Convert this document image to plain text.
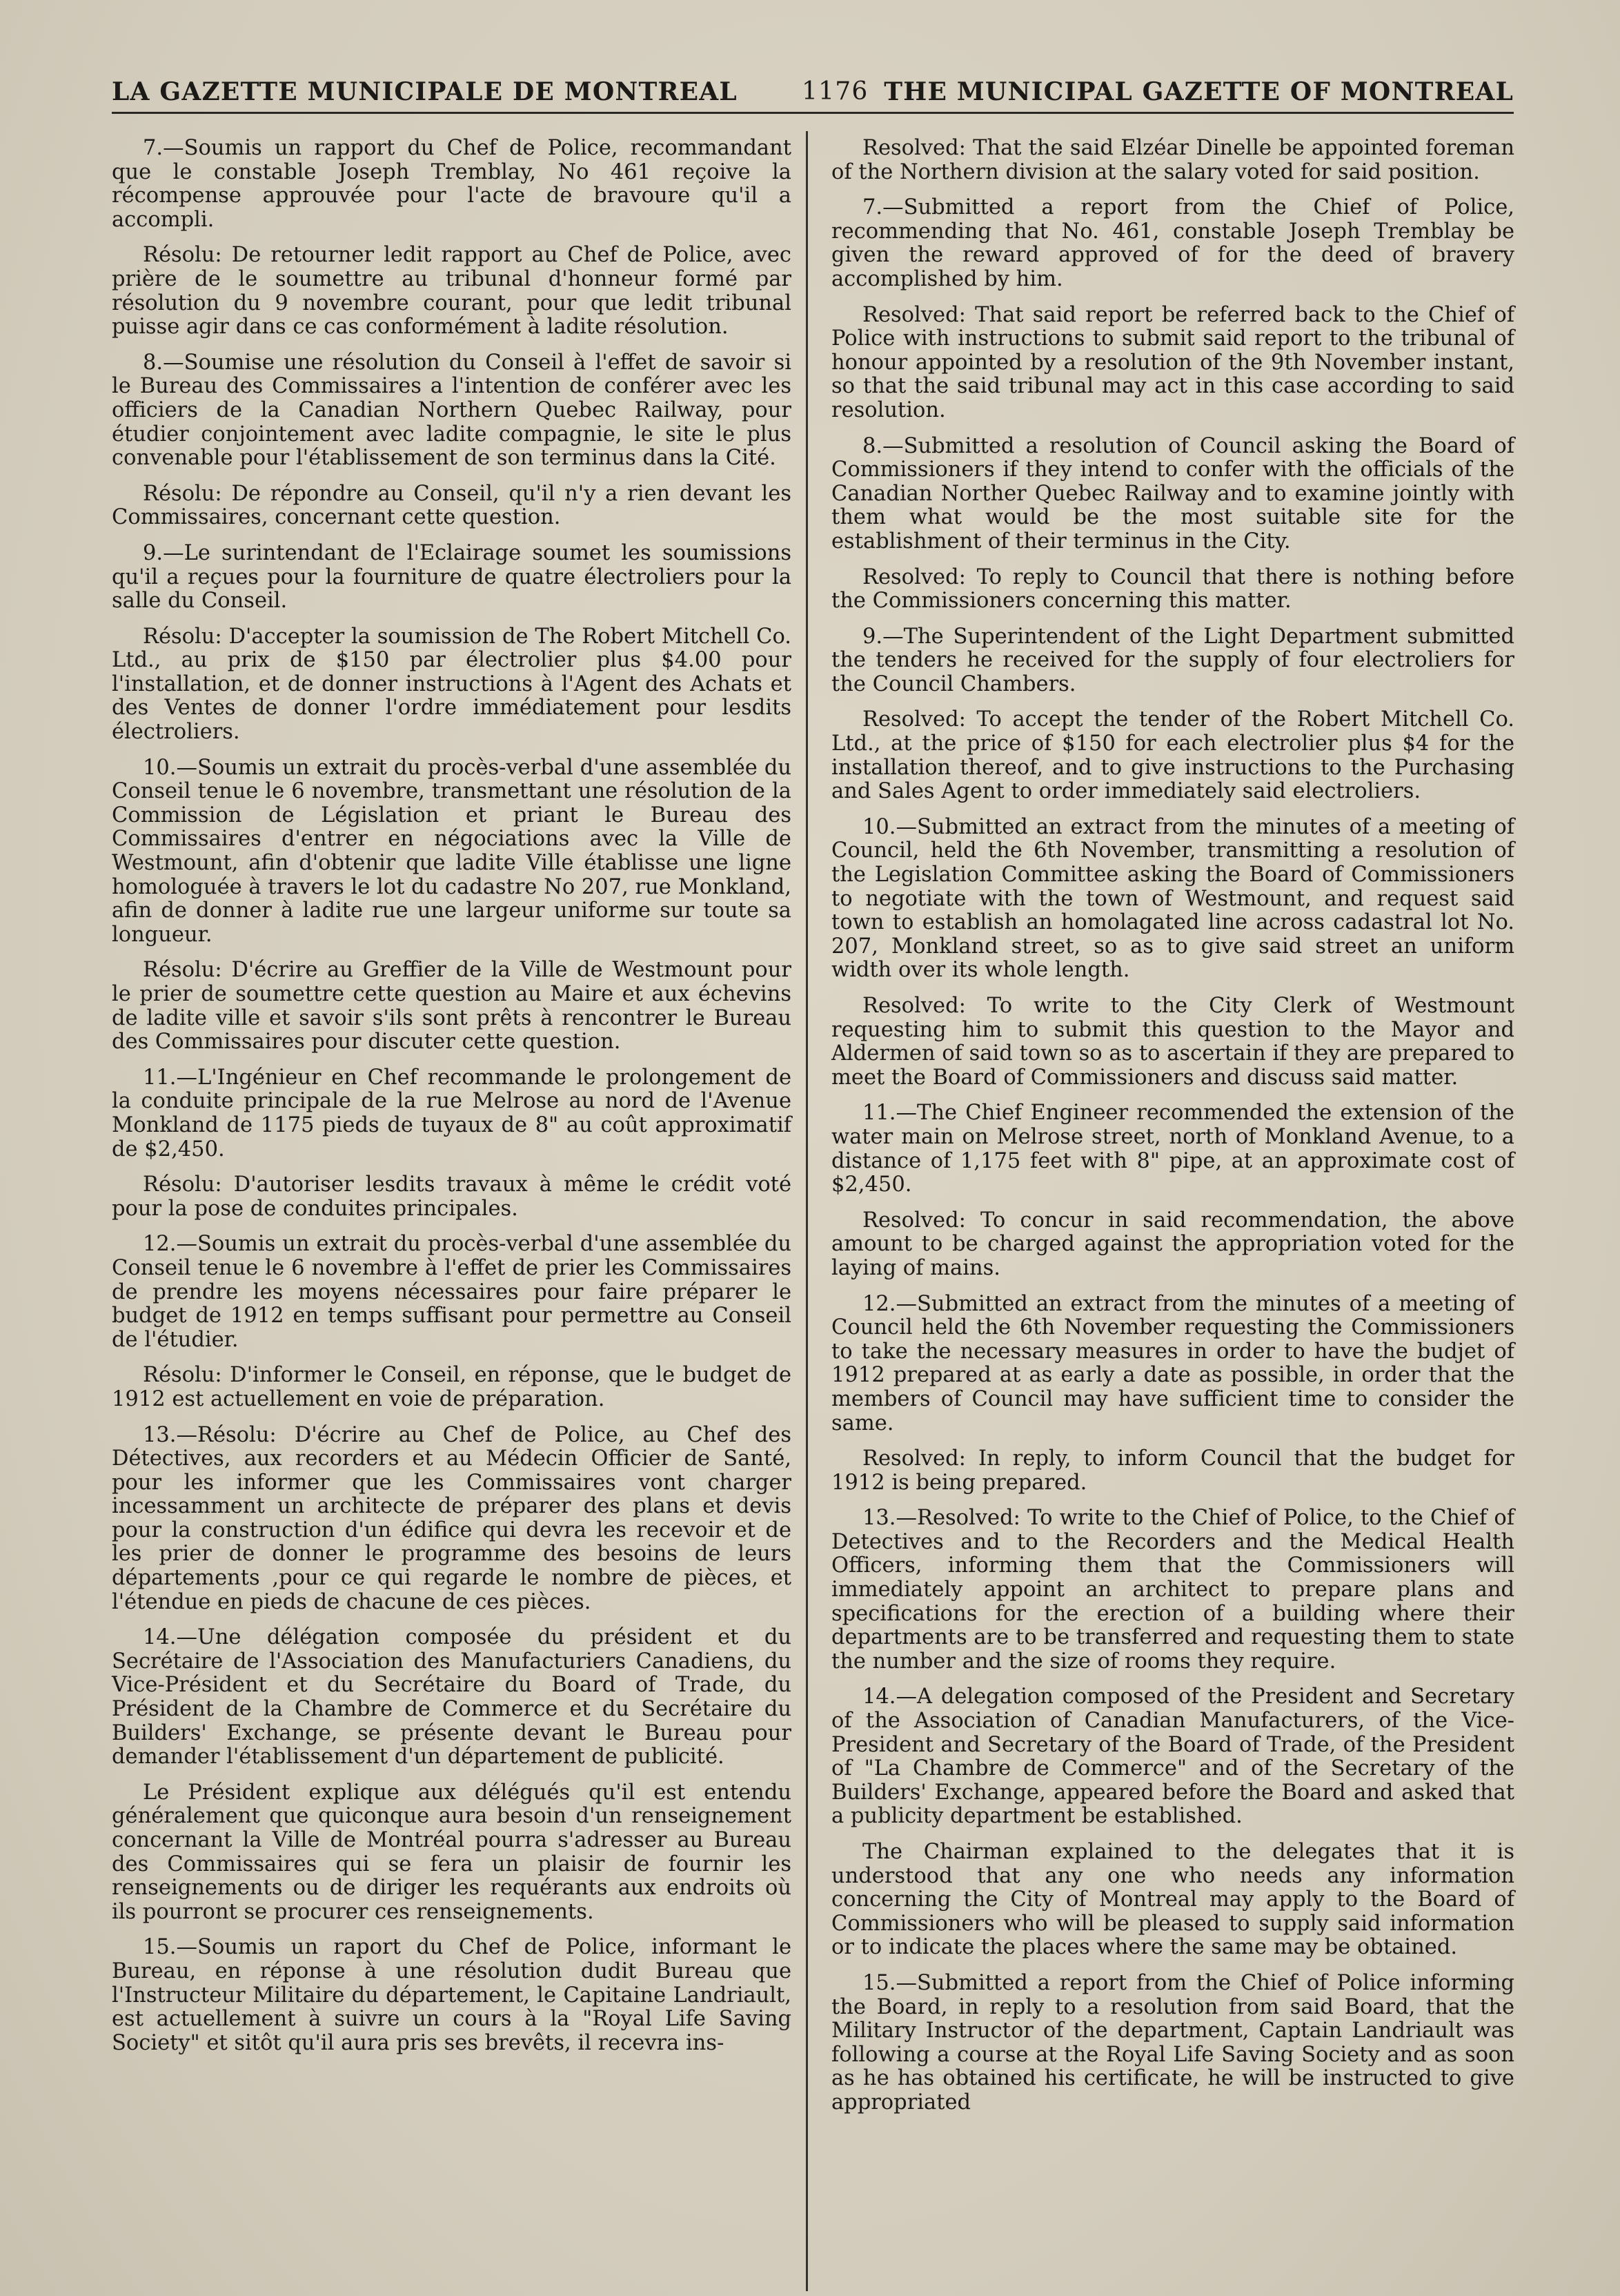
LA GAZETTE MUNICIPALE DE MONTREAL	1176 THE MUNICIPAL GAZETTE OF MONTREAL

7.—Soumis un rapport du Chef de Police, recommandant que le constable Joseph Tremblay, No 461 reçoive la récompense approuvée pour l'acte de bravoure qu'il a accompli.

Résolu: De retourner ledit rapport au Chef de Police, avec prière de le soumettre au tribunal d'honneur formé par résolution du 9 novembre courant, pour que ledit tribunal puisse agir dans ce cas conformément à ladite résolution.

8.—Soumise une résolution du Conseil à l'effet de savoir si le Bureau des Commissaires a l'intention de conférer avec les officiers de la Canadian Northern Quebec Railway, pour étudier conjointement avec ladite compagnie, le site le plus convenable pour l'établissement de son terminus dans la Cité.

Résolu: De répondre au Conseil, qu'il n'y a rien devant les Commissaires, concernant cette question.

9.—Le surintendant de l'Eclairage soumet les soumissions qu'il a reçues pour la fourniture de quatre électroliers pour la salle du Conseil.

Résolu: D'accepter la soumission de The Robert Mitchell Co. Ltd., au prix de $150 par électrolier plus $4.00 pour l'installation, et de donner instructions à l'Agent des Achats et des Ventes de donner l'ordre immédiatement pour lesdits électroliers.

10.—Soumis un extrait du procès-verbal d'une assemblée du Conseil tenue le 6 novembre, transmettant une résolution de la Commission de Législation et priant le Bureau des Commissaires d'entrer en négociations avec la Ville de Westmount, afin d'obtenir que ladite Ville établisse une ligne homologuée à travers le lot du cadastre No 207, rue Monkland, afin de donner à ladite rue une largeur uniforme sur toute sa longueur.

Résolu: D'écrire au Greffier de la Ville de Westmount pour le prier de soumettre cette question au Maire et aux échevins de ladite ville et savoir s'ils sont prêts à rencontrer le Bureau des Commissaires pour discuter cette question.

11.—L'Ingénieur en Chef recommande le prolongement de la conduite principale de la rue Melrose au nord de l'Avenue Monkland de 1175 pieds de tuyaux de 8" au coût approximatif de $2,450.

Résolu: D'autoriser lesdits travaux à même le crédit voté pour la pose de conduites principales.

12.—Soumis un extrait du procès-verbal d'une assemblée du Conseil tenue le 6 novembre à l'effet de prier les Commissaires de prendre les moyens nécessaires pour faire préparer le budget de 1912 en temps suffisant pour permettre au Conseil de l'étudier.

Résolu: D'informer le Conseil, en réponse, que le budget de 1912 est actuellement en voie de préparation.

13.—Résolu: D'écrire au Chef de Police, au Chef des Détectives, aux recorders et au Médecin Officier de Santé, pour les informer que les Commissaires vont charger incessamment un architecte de préparer des plans et devis pour la construction d'un édifice qui devra les recevoir et de les prier de donner le programme des besoins de leurs départements ,pour ce qui regarde le nombre de pièces, et l'étendue en pieds de chacune de ces pièces.

14.—Une délégation composée du président et du Secrétaire de l'Association des Manufacturiers Canadiens, du Vice-Président et du Secrétaire du Board of Trade, du Président de la Chambre de Commerce et du Secrétaire du Builders' Exchange, se présente devant le Bureau pour demander l'établissement d'un département de publicité.

Le Président explique aux délégués qu'il est entendu généralement que quiconque aura besoin d'un renseignement concernant la Ville de Montréal pourra s'adresser au Bureau des Commissaires qui se fera un plaisir de fournir les renseignements ou de diriger les requérants aux endroits où ils pourront se procurer ces renseignements.

15.—Soumis un raport du Chef de Police, informant le Bureau, en réponse à une résolution dudit Bureau que l'Instructeur Militaire du département, le Capitaine Landriault, est actuellement à suivre un cours à la "Royal Life Saving Society" et sitôt qu'il aura pris ses brevêts, il recevra ins-

Resolved: That the said Elzéar Dinelle be appointed foreman of the Northern division at the salary voted for said position.

7.—Submitted a report from the Chief of Police, recommending that No. 461, constable Joseph Tremblay be given the reward approved of for the deed of bravery accomplished by him.

Resolved: That said report be referred back to the Chief of Police with instructions to submit said report to the tribunal of honour appointed by a resolution of the 9th November instant, so that the said tribunal may act in this case according to said resolution.

8.—Submitted a resolution of Council asking the Board of Commissioners if they intend to confer with the officials of the Canadian Norther Quebec Railway and to examine jointly with them what would be the most suitable site for the establishment of their terminus in the City.

Resolved: To reply to Council that there is nothing before the Commissioners concerning this matter.

9.—The Superintendent of the Light Department submitted the tenders he received for the supply of four electroliers for the Council Chambers.

Resolved: To accept the tender of the Robert Mitchell Co. Ltd., at the price of $150 for each electrolier plus $4 for the installation thereof, and to give instructions to the Purchasing and Sales Agent to order immediately said electroliers.

10.—Submitted an extract from the minutes of a meeting of Council, held the 6th November, transmitting a resolution of the Legislation Committee asking the Board of Commissioners to negotiate with the town of Westmount, and request said town to establish an homolagated line across cadastral lot No. 207, Monkland street, so as to give said street an uniform width over its whole length.

Resolved: To write to the City Clerk of Westmount requesting him to submit this question to the Mayor and Aldermen of said town so as to ascertain if they are prepared to meet the Board of Commissioners and discuss said matter.

11.—The Chief Engineer recommended the extension of the water main on Melrose street, north of Monkland Avenue, to a distance of 1,175 feet with 8" pipe, at an approximate cost of $2,450.

Resolved: To concur in said recommendation, the above amount to be charged against the appropriation voted for the laying of mains.

12.—Submitted an extract from the minutes of a meeting of Council held the 6th November requesting the Commissioners to take the necessary measures in order to have the budjet of 1912 prepared at as early a date as possible, in order that the members of Council may have sufficient time to consider the same.

Resolved: In reply, to inform Council that the budget for 1912 is being prepared.

13.—Resolved: To write to the Chief of Police, to the Chief of Detectives and to the Recorders and the Medical Health Officers, informing them that the Commissioners will immediately appoint an architect to prepare plans and specifications for the erection of a building where their departments are to be transferred and requesting them to state the number and the size of rooms they require.

14.—A delegation composed of the President and Secretary of the Association of Canadian Manufacturers, of the Vice-President and Secretary of the Board of Trade, of the President of "La Chambre de Commerce" and of the Secretary of the Builders' Exchange, appeared before the Board and asked that a publicity department be established.

The Chairman explained to the delegates that it is understood that any one who needs any information concerning the City of Montreal may apply to the Board of Commissioners who will be pleased to supply said information or to indicate the places where the same may be obtained.

15.—Submitted a report from the Chief of Police informing the Board, in reply to a resolution from said Board, that the Military Instructor of the department, Captain Landriault was following a course at the Royal Life Saving Society and as soon as he has obtained his certificate, he will be instructed to give appropriated
